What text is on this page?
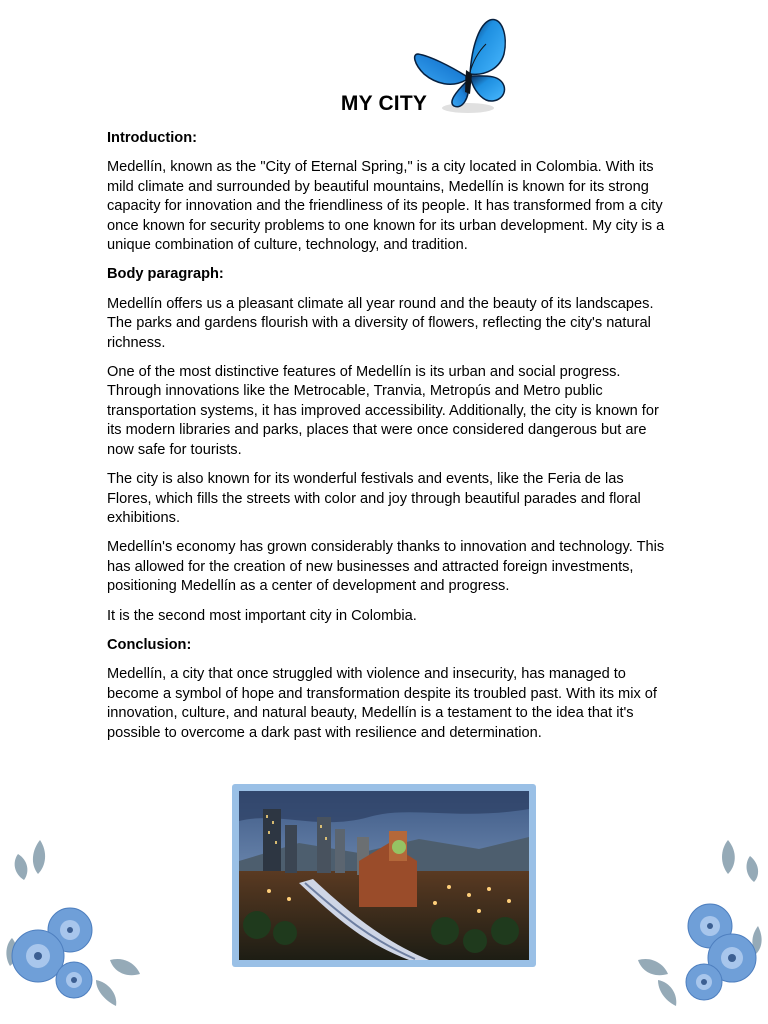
MY CITY
Introduction:

Medellín, known as the "City of Eternal Spring," is a city located in Colombia. With its mild climate and surrounded by beautiful mountains, Medellín is known for its strong capacity for innovation and the friendliness of its people. It has transformed from a city once known for security problems to one known for its urban development. My city is a unique combination of culture, technology, and tradition.

Body paragraph:

Medellín offers us a pleasant climate all year round and the beauty of its landscapes. The parks and gardens flourish with a diversity of flowers, reflecting the city's natural richness.

One of the most distinctive features of Medellín is its urban and social progress. Through innovations like the Metrocable, Tranvia, Metropús and Metro public transportation systems, it has improved accessibility. Additionally, the city is known for its modern libraries and parks, places that were once considered dangerous but are now safe for tourists.

The city is also known for its wonderful festivals and events, like the Feria de las Flores, which fills the streets with color and joy through beautiful parades and floral exhibitions.

Medellín's economy has grown considerably thanks to innovation and technology. This has allowed for the creation of new businesses and attracted foreign investments, positioning Medellín as a center of development and progress.

It is the second most important city in Colombia.

Conclusion:

Medellín, a city that once struggled with violence and insecurity, has managed to become a symbol of hope and transformation despite its troubled past. With its mix of innovation, culture, and natural beauty, Medellín is a testament to the idea that it's possible to overcome a dark past with resilience and determination.
